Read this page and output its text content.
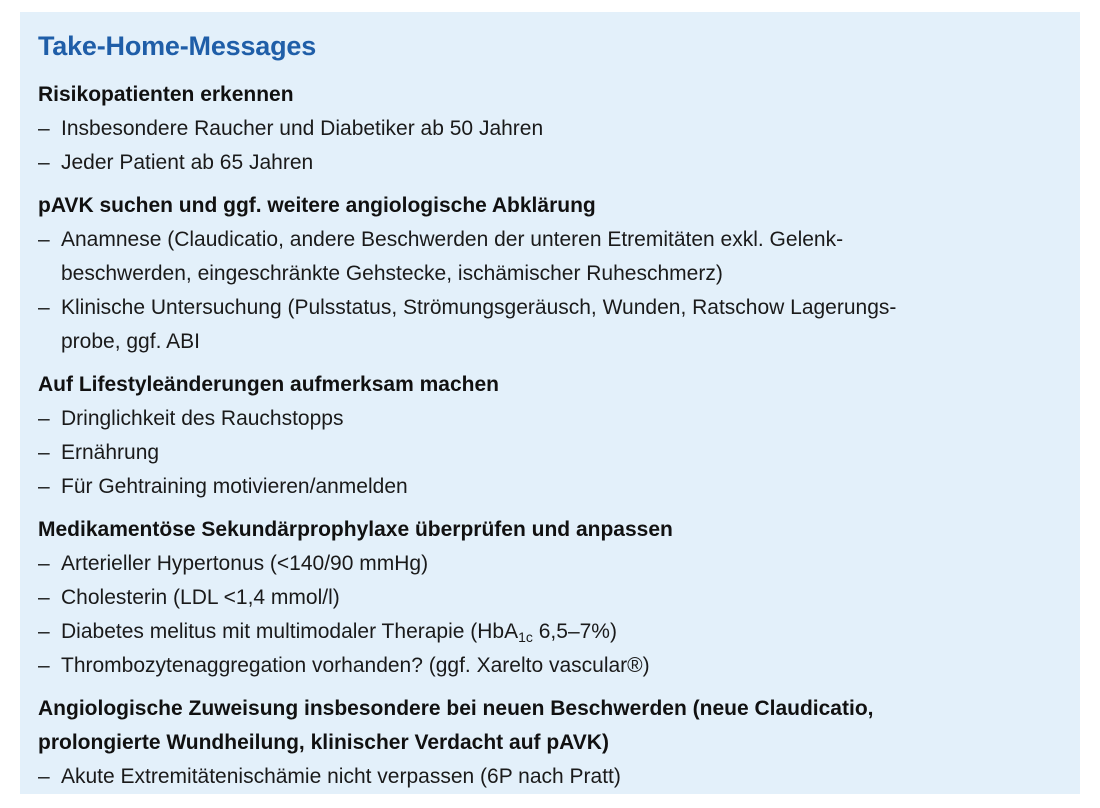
Take-Home-Messages
Risikopatienten erkennen
– Insbesondere Raucher und Diabetiker ab 50 Jahren
– Jeder Patient ab 65 Jahren
pAVK suchen und ggf. weitere angiologische Abklärung
– Anamnese (Claudicatio, andere Beschwerden der unteren Etremitäten exkl. Gelenk-
beschwerden, eingeschränkte Gehstecke, ischämischer Ruheschmerz)
– Klinische Untersuchung (Pulsstatus, Strömungsgeräusch, Wunden, Ratschow Lagerungs-
probe, ggf. ABI
Auf Lifestyleänderungen aufmerksam machen
– Dringlichkeit des Rauchstopps
– Ernährung
– Für Gehtraining motivieren/anmelden
Medikamentöse Sekundärprophylaxe überprüfen und anpassen
– Arterieller Hypertonus (<140/90 mmHg)
– Cholesterin (LDL <1,4 mmol/l)
– Diabetes melitus mit multimodaler Therapie (HbA$_{1c}$ 6,5–7%)
– Thrombozytenaggregation vorhanden? (ggf. Xarelto vascular®)
Angiologische Zuweisung insbesondere bei neuen Beschwerden (neue Claudicatio,
prolongierte Wundheilung, klinischer Verdacht auf pAVK)
– Akute Extremitätenischämie nicht verpassen (6P nach Pratt)
